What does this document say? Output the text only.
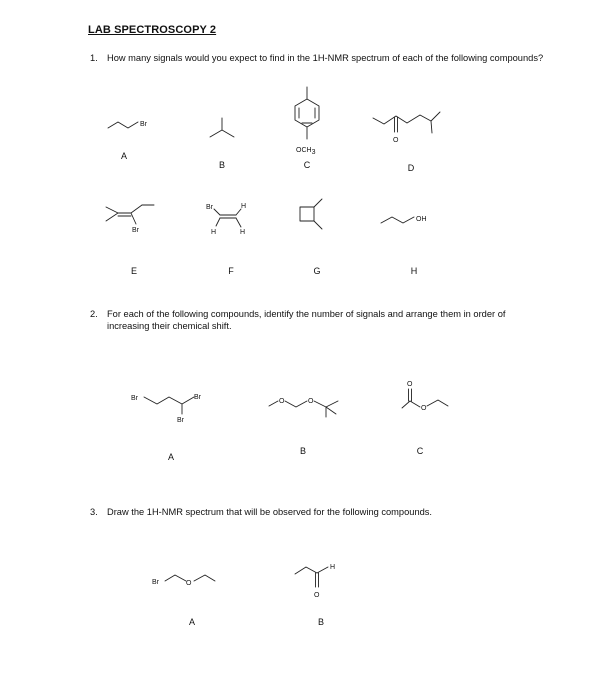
LAB SPECTROSCOPY 2
1. How many signals would you expect to find in the 1H-NMR spectrum of each of the following compounds?
2. For each of the following compounds, identify the number of signals and arrange them in order of increasing their chemical shift.
3. Draw the 1H-NMR spectrum that will be observed for the following compounds.
A
B	C	D
E	F	G	H
A
B	C
A	B
Br
OCH3
O
Br
Br	H
H	H
OH
Br	Br
Br
O	O
O
O
Br	O
H
O
